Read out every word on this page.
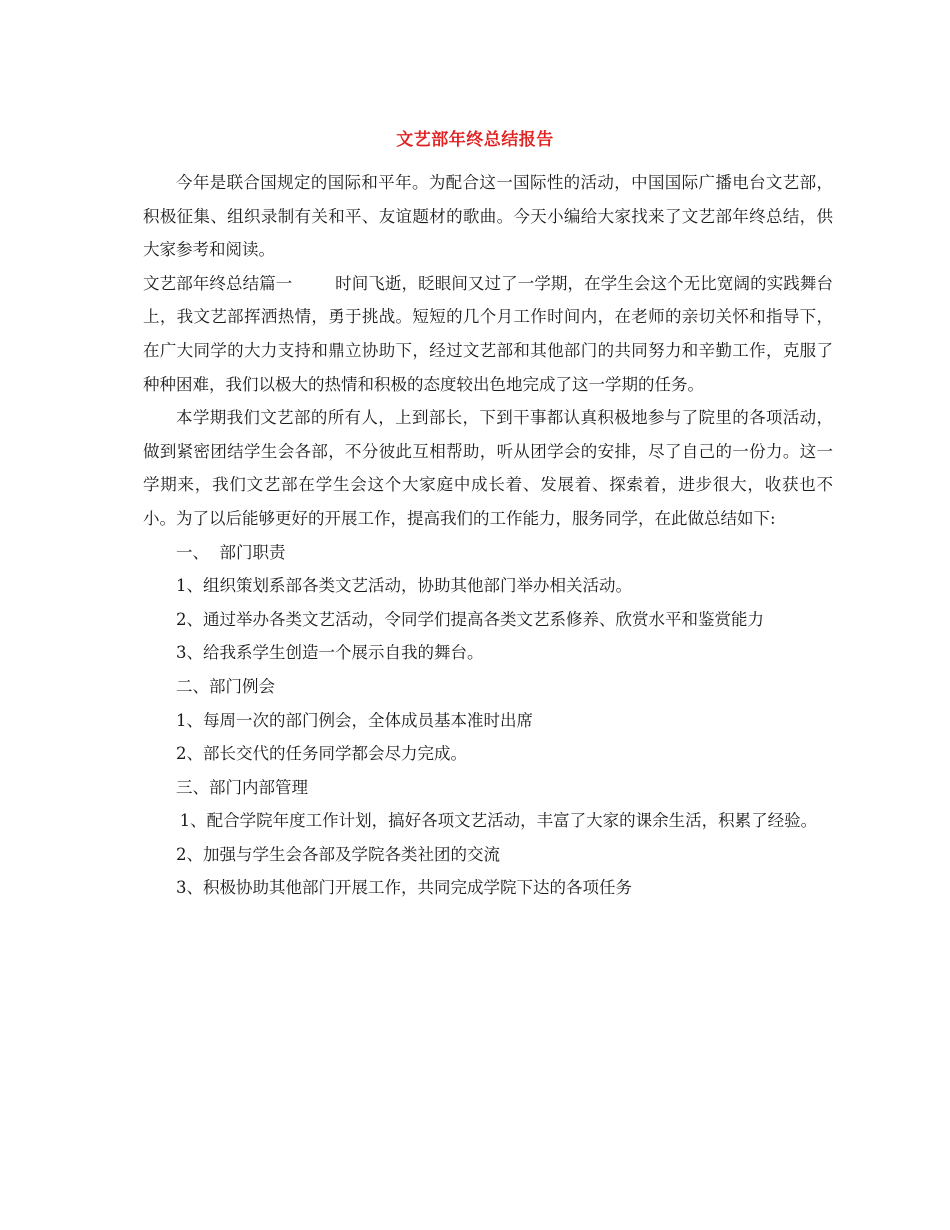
文艺部年终总结报告

今年是联合国规定的国际和平年。为配合这一国际性的活动，中国国际广播电台文艺部，积极征集、组织录制有关和平、友谊题材的歌曲。今天小编给大家找来了文艺部年终总结，供大家参考和阅读。

文艺部年终总结篇一        时间飞逝，眨眼间又过了一学期，在学生会这个无比宽阔的实践舞台上，我文艺部挥洒热情，勇于挑战。短短的几个月工作时间内，在老师的亲切关怀和指导下，在广大同学的大力支持和鼎立协助下，经过文艺部和其他部门的共同努力和辛勤工作，克服了种种困难，我们以极大的热情和积极的态度较出色地完成了这一学期的任务。

本学期我们文艺部的所有人，上到部长，下到干事都认真积极地参与了院里的各项活动，做到紧密团结学生会各部，不分彼此互相帮助，听从团学会的安排，尽了自己的一份力。这一学期来，我们文艺部在学生会这个大家庭中成长着、发展着、探索着，进步很大，收获也不小。为了以后能够更好的开展工作，提高我们的工作能力，服务同学，在此做总结如下:

一、  部门职责

1、组织策划系部各类文艺活动，协助其他部门举办相关活动。

2、通过举办各类文艺活动，令同学们提高各类文艺系修养、欣赏水平和鉴赏能力

3、给我系学生创造一个展示自我的舞台。

二、部门例会

1、每周一次的部门例会，全体成员基本准时出席

2、部长交代的任务同学都会尽力完成。

三、部门内部管理

1、配合学院年度工作计划，搞好各项文艺活动，丰富了大家的课余生活，积累了经验。

2、加强与学生会各部及学院各类社团的交流

3、积极协助其他部门开展工作，共同完成学院下达的各项任务
